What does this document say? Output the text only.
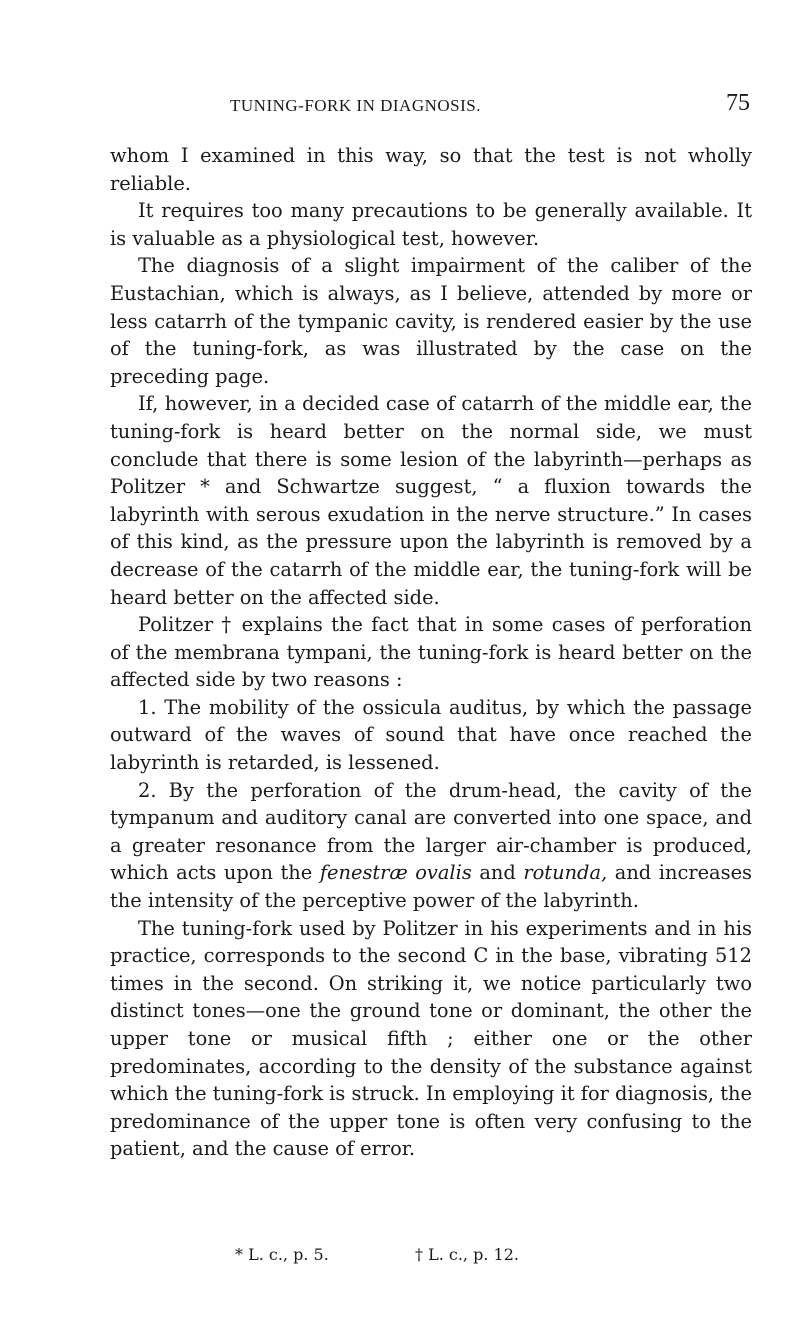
TUNING-FORK IN DIAGNOSIS.	75

whom I examined in this way, so that the test is not wholly reliable.

It requires too many precautions to be generally available. It is valuable as a physiological test, however.

The diagnosis of a slight impairment of the caliber of the Eustachian, which is always, as I believe, attended by more or less catarrh of the tympanic cavity, is rendered easier by the use of the tuning-fork, as was illustrated by the case on the preceding page.

If, however, in a decided case of catarrh of the middle ear, the tuning-fork is heard better on the normal side, we must conclude that there is some lesion of the labyrinth—perhaps as Politzer * and Schwartze suggest, “ a fluxion towards the labyrinth with serous exudation in the nerve structure.” In cases of this kind, as the pressure upon the labyrinth is removed by a decrease of the catarrh of the middle ear, the tuning-fork will be heard better on the affected side.

Politzer † explains the fact that in some cases of perforation of the membrana tympani, the tuning-fork is heard better on the affected side by two reasons :

1. The mobility of the ossicula auditus, by which the passage outward of the waves of sound that have once reached the labyrinth is retarded, is lessened.

2. By the perforation of the drum-head, the cavity of the tympanum and auditory canal are converted into one space, and a greater resonance from the larger air-chamber is produced, which acts upon the fenestræ ovalis and rotunda, and increases the intensity of the perceptive power of the labyrinth.

The tuning-fork used by Politzer in his experiments and in his practice, corresponds to the second C in the base, vibrating 512 times in the second. On striking it, we notice particularly two distinct tones—one the ground tone or dominant, the other the upper tone or musical fifth ; either one or the other predominates, according to the density of the substance against which the tuning-fork is struck. In employing it for diagnosis, the predominance of the upper tone is often very confusing to the patient, and the cause of error.

* L. c., p. 5.	† L. c., p. 12.
